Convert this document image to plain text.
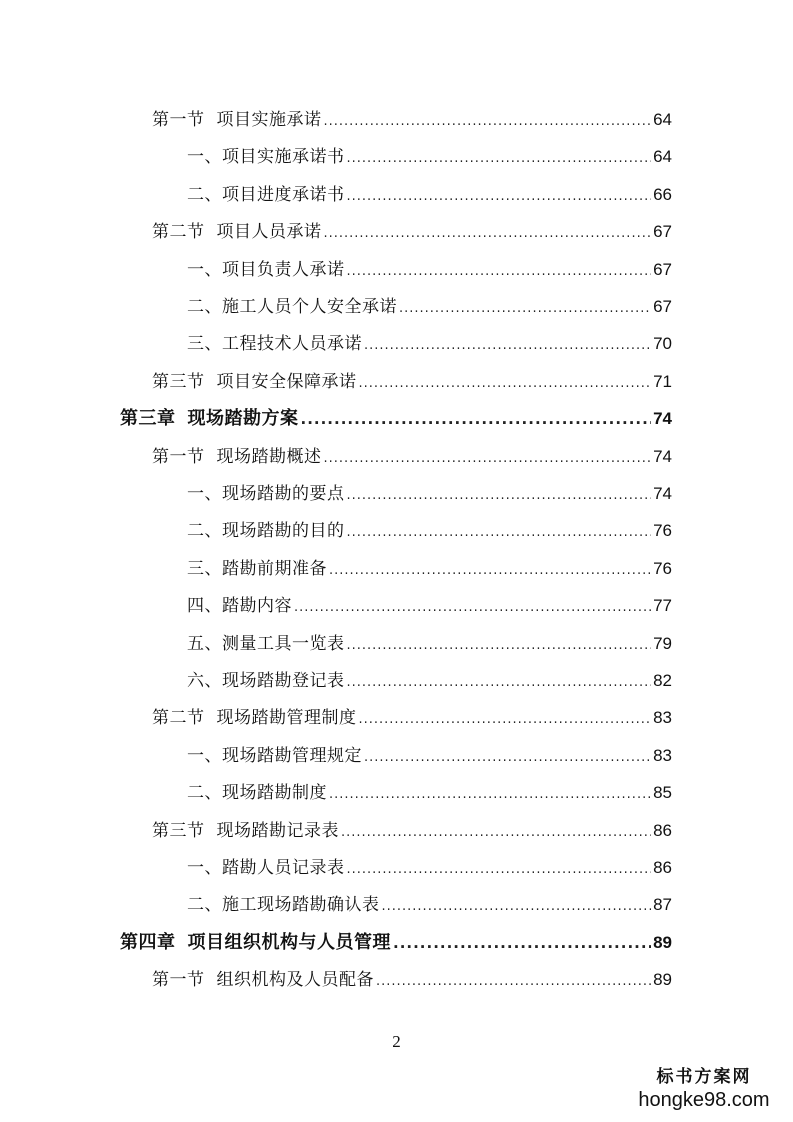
第一节 项目实施承诺 .....	64
一、项目实施承诺书 .....	64
二、项目进度承诺书 .....	66
第二节 项目人员承诺 .....	67
一、项目负责人承诺 .....	67
二、施工人员个人安全承诺 .....	67
三、工程技术人员承诺 .....	70
第三节 项目安全保障承诺 .....	71
第三章 现场踏勘方案 .....	74
第一节 现场踏勘概述 .....	74
一、现场踏勘的要点 .....	74
二、现场踏勘的目的 .....	76
三、踏勘前期准备 .....	76
四、踏勘内容 .....	77
五、测量工具一览表 .....	79
六、现场踏勘登记表 .....	82
第二节 现场踏勘管理制度 .....	83
一、现场踏勘管理规定 .....	83
二、现场踏勘制度 .....	85
第三节 现场踏勘记录表 .....	86
一、踏勘人员记录表 .....	86
二、施工现场踏勘确认表 .....	87
第四章 项目组织机构与人员管理 .....	89
第一节 组织机构及人员配备 .....	89
2
标书方案网
hongke98.com
